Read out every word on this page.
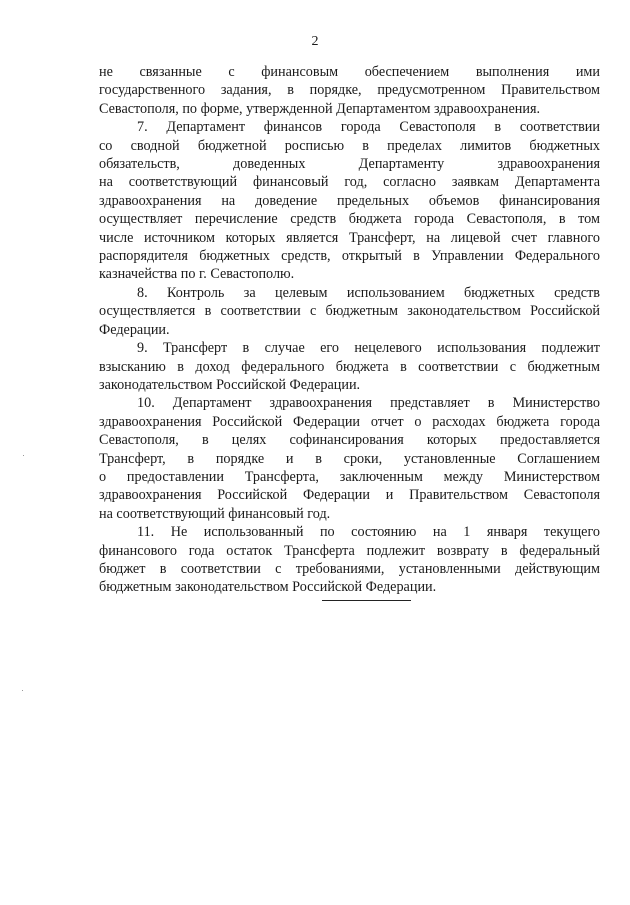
2

не связанные с финансовым обеспечением выполнения ими
государственного задания, в порядке, предусмотренном Правительством
Севастополя, по форме, утвержденной Департаментом здравоохранения.

7. Департамент финансов города Севастополя в соответствии
со сводной бюджетной росписью в пределах лимитов бюджетных
обязательств, доведенных Департаменту здравоохранения
на соответствующий финансовый год, согласно заявкам Департамента
здравоохранения на доведение предельных объемов финансирования
осуществляет перечисление средств бюджета города Севастополя, в том
числе источником которых является Трансферт, на лицевой счет главного
распорядителя бюджетных средств, открытый в Управлении Федерального
казначейства по г. Севастополю.

8. Контроль за целевым использованием бюджетных средств
осуществляется в соответствии с бюджетным законодательством Российской
Федерации.

9. Трансферт в случае его нецелевого использования подлежит
взысканию в доход федерального бюджета в соответствии с бюджетным
законодательством Российской Федерации.

10. Департамент здравоохранения представляет в Министерство
здравоохранения Российской Федерации отчет о расходах бюджета города
Севастополя, в целях софинансирования которых предоставляется
Трансферт, в порядке и в сроки, установленные Соглашением
о предоставлении Трансферта, заключенным между Министерством
здравоохранения Российской Федерации и Правительством Севастополя
на соответствующий финансовый год.

11. Не использованный по состоянию на 1 января текущего
финансового года остаток Трансферта подлежит возврату в федеральный
бюджет в соответствии с требованиями, установленными действующим
бюджетным законодательством Российской Федерации.
